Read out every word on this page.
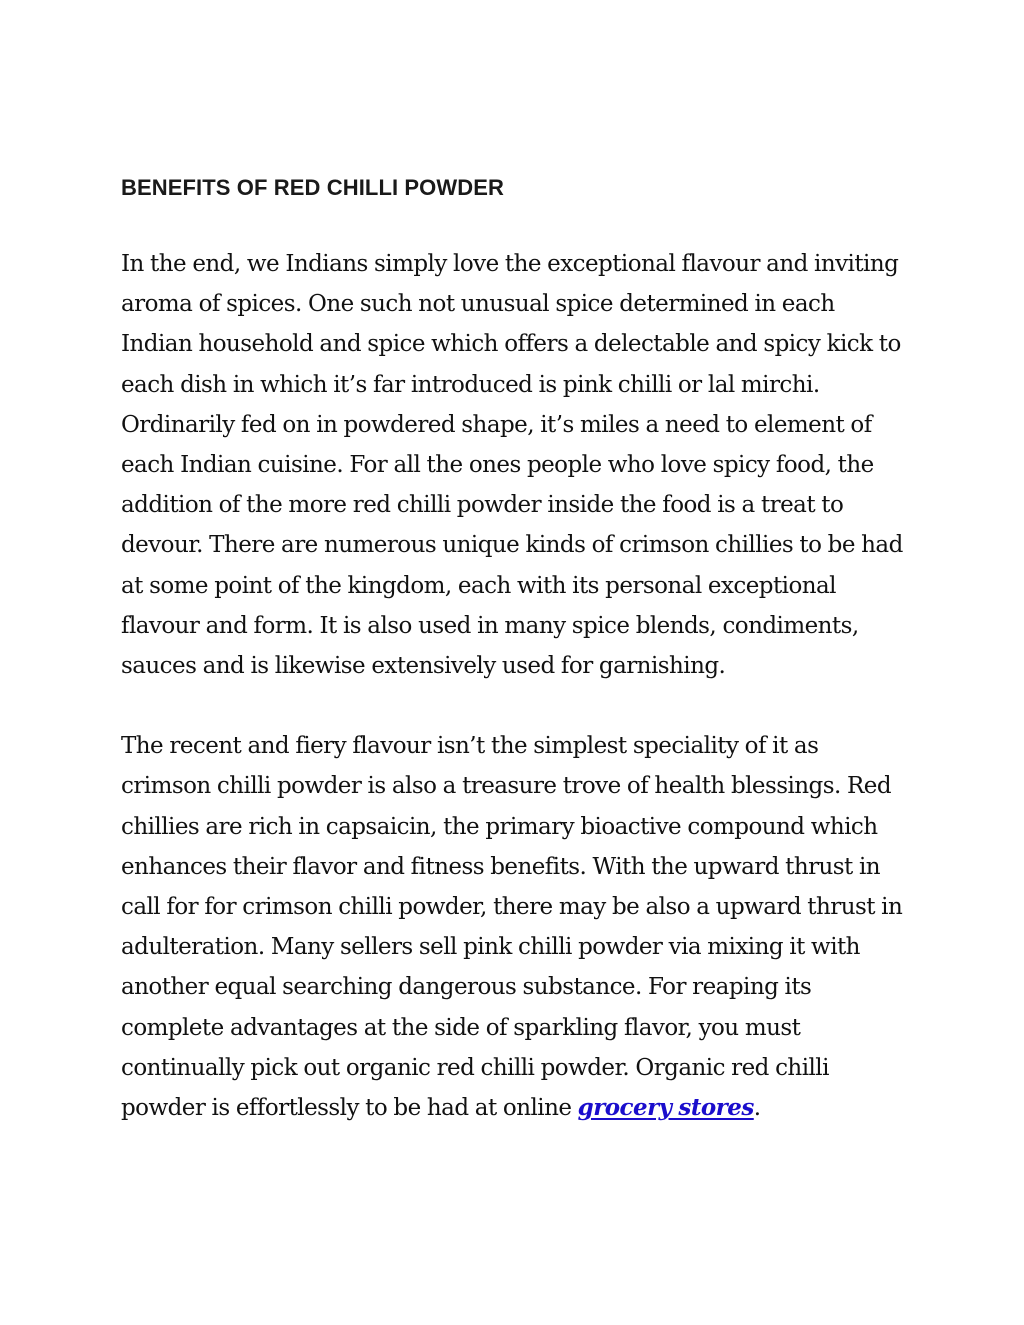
BENEFITS OF RED CHILLI POWDER

In the end, we Indians simply love the exceptional flavour and inviting aroma of spices. One such not unusual spice determined in each Indian household and spice which offers a delectable and spicy kick to each dish in which it’s far introduced is pink chilli or lal mirchi. Ordinarily fed on in powdered shape, it’s miles a need to element of each Indian cuisine. For all the ones people who love spicy food, the addition of the more red chilli powder inside the food is a treat to devour. There are numerous unique kinds of crimson chillies to be had at some point of the kingdom, each with its personal exceptional flavour and form. It is also used in many spice blends, condiments, sauces and is likewise extensively used for garnishing.

The recent and fiery flavour isn’t the simplest speciality of it as crimson chilli powder is also a treasure trove of health blessings. Red chillies are rich in capsaicin, the primary bioactive compound which enhances their flavor and fitness benefits. With the upward thrust in call for for crimson chilli powder, there may be also a upward thrust in adulteration. Many sellers sell pink chilli powder via mixing it with another equal searching dangerous substance. For reaping its complete advantages at the side of sparkling flavor, you must continually pick out organic red chilli powder. Organic red chilli powder is effortlessly to be had at online grocery stores.
